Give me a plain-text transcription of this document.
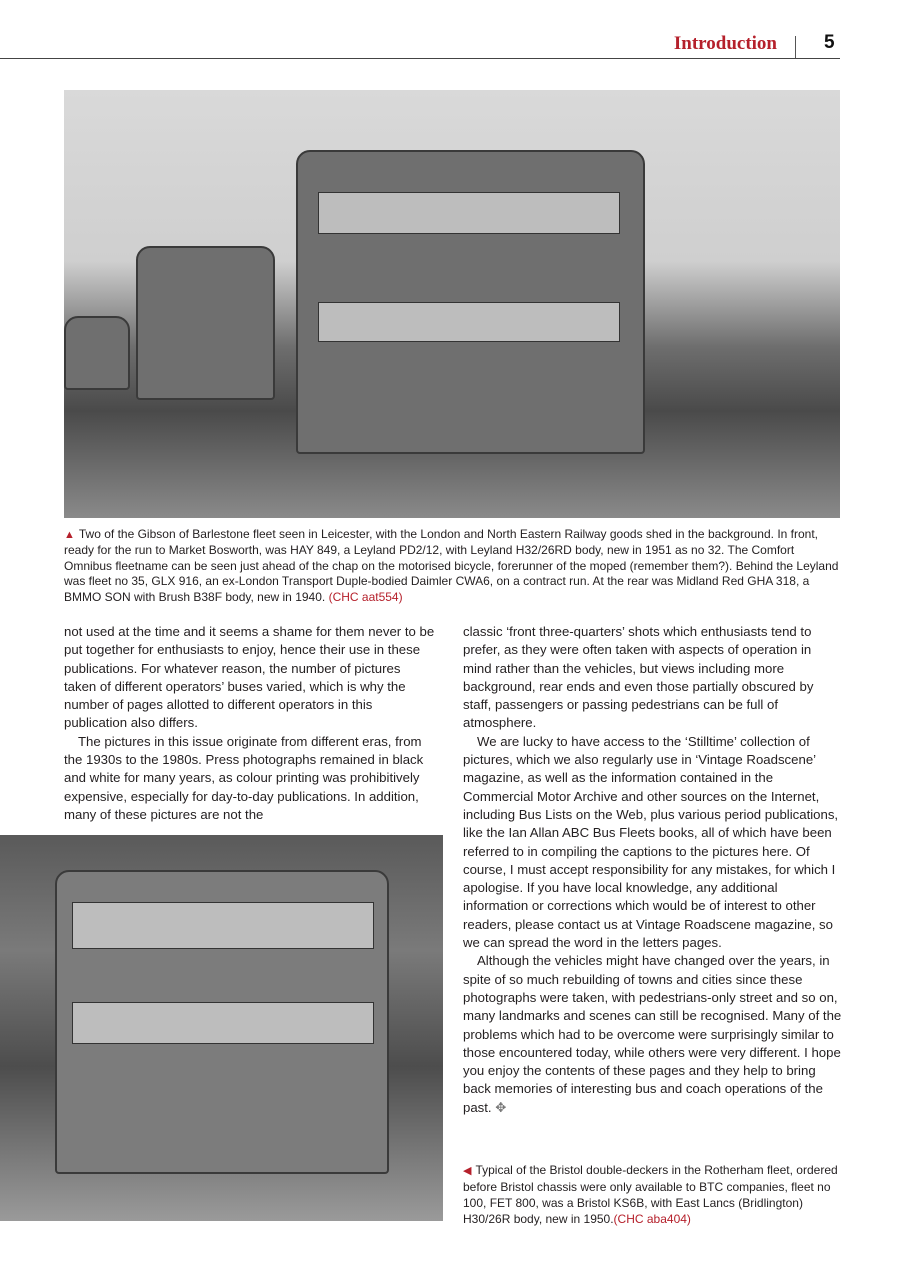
Introduction 5
▲ Two of the Gibson of Barlestone fleet seen in Leicester, with the London and North Eastern Railway goods shed in the background. In front, ready for the run to Market Bosworth, was HAY 849, a Leyland PD2/12, with Leyland H32/26RD body, new in 1951 as no 32. The Comfort Omnibus fleetname can be seen just ahead of the chap on the motorised bicycle, forerunner of the moped (remember them?). Behind the Leyland was fleet no 35, GLX 916, an ex-London Transport Duple-bodied Daimler CWA6, on a contract run. At the rear was Midland Red GHA 318, a BMMO SON with Brush B38F body, new in 1940. (CHC aat554)

not used at the time and it seems a shame for them never to be put together for enthusiasts to enjoy, hence their use in these publications. For whatever reason, the number of pictures taken of different operators’ buses varied, which is why the number of pages allotted to different operators in this publication also differs.

The pictures in this issue originate from different eras, from the 1930s to the 1980s. Press photographs remained in black and white for many years, as colour printing was prohibitively expensive, especially for day-to-day publications. In addition, many of these pictures are not the

classic ‘front three-quarters’ shots which enthusiasts tend to prefer, as they were often taken with aspects of operation in mind rather than the vehicles, but views including more background, rear ends and even those partially obscured by staff, passengers or passing pedestrians can be full of atmosphere.

We are lucky to have access to the ‘Stilltime’ collection of pictures, which we also regularly use in ‘Vintage Roadscene’ magazine, as well as the information contained in the Commercial Motor Archive and other sources on the Internet, including Bus Lists on the Web, plus various period publications, like the Ian Allan ABC Bus Fleets books, all of which have been referred to in compiling the captions to the pictures here. Of course, I must accept responsibility for any mistakes, for which I apologise. If you have local knowledge, any additional information or corrections which would be of interest to other readers, please contact us at Vintage Roadscene magazine, so we can spread the word in the letters pages.

Although the vehicles might have changed over the years, in spite of so much rebuilding of towns and cities since these photographs were taken, with pedestrians-only street and so on, many landmarks and scenes can still be recognised. Many of the problems which had to be overcome were surprisingly similar to those encountered today, while others were very different. I hope you enjoy the contents of these pages and they help to bring back memories of interesting bus and coach operations of the past. ✥

◀ Typical of the Bristol double-deckers in the Rotherham fleet, ordered before Bristol chassis were only available to BTC companies, fleet no 100, FET 800, was a Bristol KS6B, with East Lancs (Bridlington) H30/26R body, new in 1950.(CHC aba404)
